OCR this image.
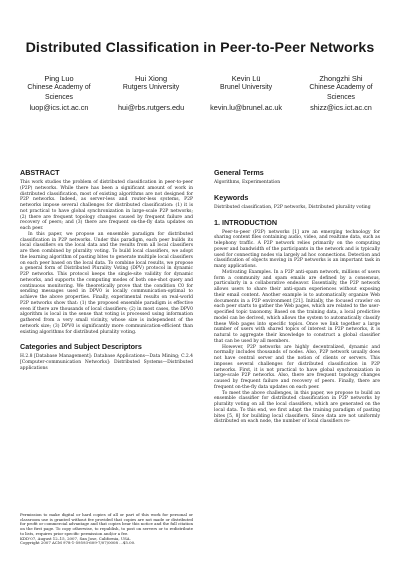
Distributed Classification in Peer-to-Peer Networks
Ping Luo
Chinese Academy of Sciences
luop@ics.ict.ac.cn
Hui Xiong
Rutgers University
hui@rbs.rutgers.edu
Kevin Lü
Brunel University
kevin.lu@brunel.ac.uk
Zhongzhi Shi
Chinese Academy of Sciences
shizz@ics.ict.ac.cn
ABSTRACT

This work studies the problem of distributed classification in peer-to-peer (P2P) networks. While there has been a significant amount of work in distributed classification, most of existing algorithms are not designed for P2P networks. Indeed, as server-less and router-less systems, P2P networks impose several challenges for distributed classification: (1) it is not practical to have global synchronization in large-scale P2P networks; (2) there are frequent topology changes caused by frequent failure and recovery of peers; and (3) there are frequent on-the-fly data updates on each peer.

In this paper, we propose an ensemble paradigm for distributed classification in P2P networks. Under this paradigm, each peer builds its local classifiers on the local data and the results from all local classifiers are then combined by plurality voting. To build local classifiers, we adopt the learning algorithm of pasting bites to generate multiple local classifiers on each peer based on the local data. To combine local results, we propose a general form of Distributed Plurality Voting (DPV) protocol in dynamic P2P networks. This protocol keeps the single-site validity for dynamic networks, and supports the computing modes of both one-shot query and continuous monitoring. We theoretically prove that the condition C0 for sending messages used in DPV0 is locally communication-optimal to achieve the above properties. Finally, experimental results on real-world P2P networks show that: (1) the proposed ensemble paradigm is effective even if there are thousands of local classifiers; (2) in most cases, the DPV0 algorithm is local in the sense that voting is processed using information gathered from a very small vicinity, whose size is independent of the network size; (3) DPV0 is significantly more communication-efficient than existing algorithms for distributed plurality voting.

Categories and Subject Descriptors

H.2.8 [Database Management]: Database Applications—Data Mining; C.2.4 [Computer-communication Networks]: Distributed Systems—Distributed applications

Permission to make digital or hard copies of all or part of this work for personal or classroom use is granted without fee provided that copies are not made or distributed for profit or commercial advantage and that copies bear this notice and the full citation on the first page. To copy otherwise, to republish, to post on servers or to redistribute to lists, requires prior specific permission and/or a fee.

KDD'07, August 12–15, 2007, San Jose, California, USA.

Copyright 2007 ACM 978-1-59593-609-7/07/0008 ...$5.00.

General Terms

Algorithms, Experimentation

Keywords

Distributed classification, P2P networks, Distributed plurality voting

1. INTRODUCTION

Peer-to-peer (P2P) networks [1] are an emerging technology for sharing content files containing audio, video, and realtime data, such as telephony traffic. A P2P network relies primarily on the computing power and bandwidth of the participants in the network and is typically used for connecting nodes via largely ad hoc connections. Detection and classification of objects moving in P2P networks is an important task in many applications.

Motivating Examples. In a P2P anti-spam network, millions of users form a community and spam emails are defined by a consensus, particularly in a collaborative endeavor. Essentially, the P2P network allows users to share their anti-spam experiences without exposing their email content. Another example is to automatically organize Web documents in a P2P environment [21]. Initially, the focused crawler on each peer starts to gather the Web pages, which are related to the user-specified topic taxonomy. Based on the training data, a local predictive model can be derived, which allows the system to automatically classify these Web pages into specific topics. Once we link together a large number of users with shared topics of interest in P2P networks, it is natural to aggregate their knowledge to construct a global classifier that can be used by all members.

However, P2P networks are highly decentralized, dynamic and normally includes thousands of nodes. Also, P2P network usually does not have central server and the notion of clients or servers. This imposes several challenges for distributed classification in P2P networks. First, it is not practical to have global synchronization in large-scale P2P networks. Also, there are frequent topology changes caused by frequent failure and recovery of peers. Finally, there are frequent on-the-fly data updates on each peer.

To meet the above challenges, in this paper, we propose to build an ensemble classifier for distributed classification in P2P networks by plurality voting on all the local classifiers, which are generated on the local data. To this end, we first adapt the training paradigm of pasting bites [5, 8] for building local classifiers. Since data are not uniformly distributed on each node, the number of local classifiers re-
